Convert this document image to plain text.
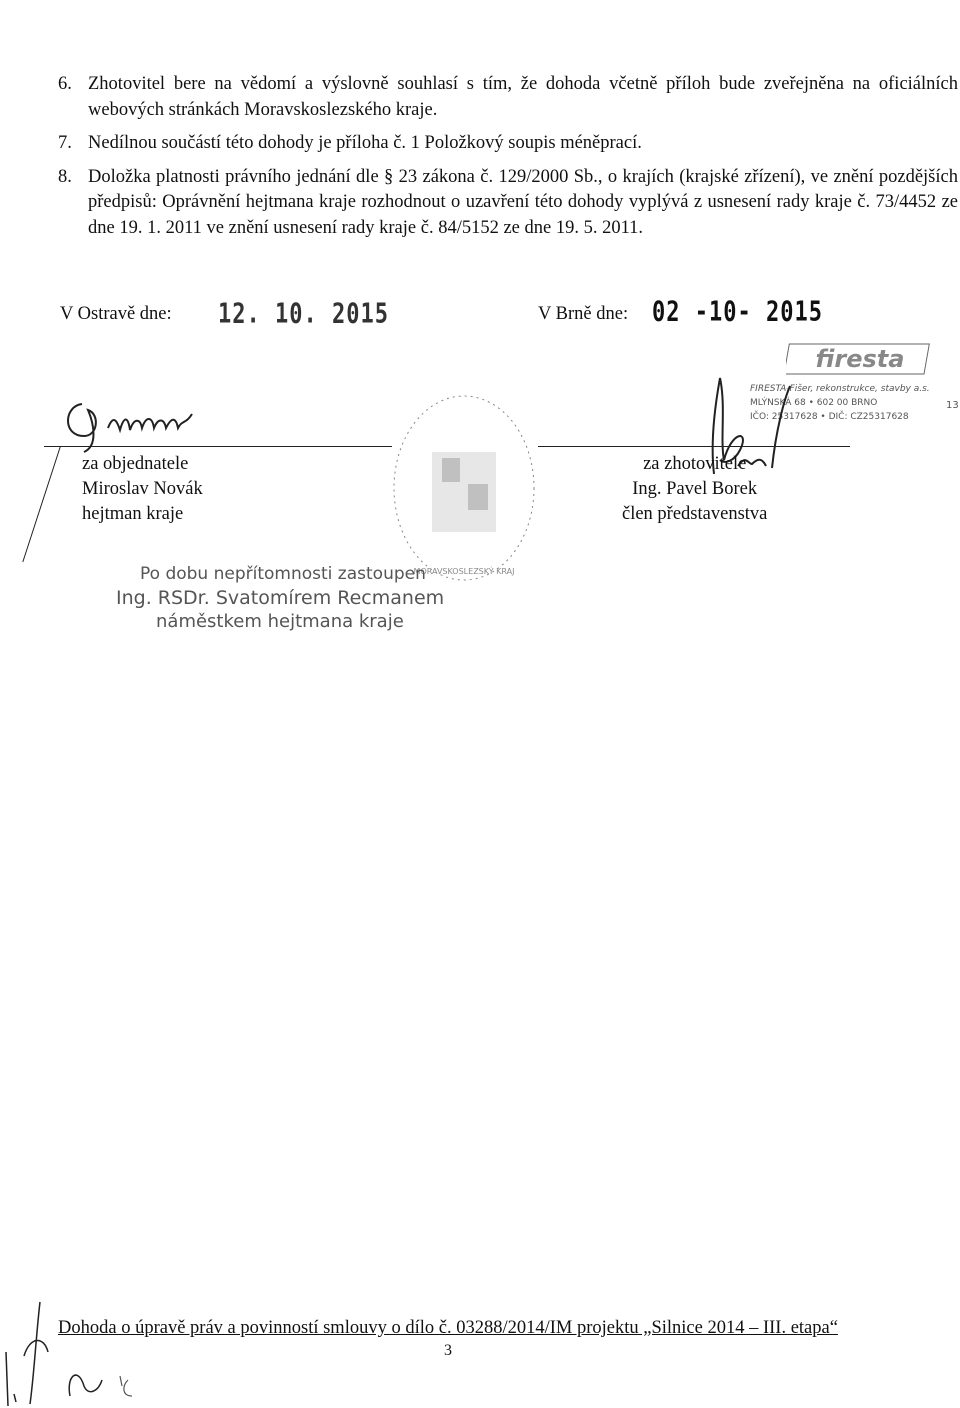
6. Zhotovitel bere na vědomí a výslovně souhlasí s tím, že dohoda včetně příloh bude zveřejněna na oficiálních webových stránkách Moravskoslezského kraje.
7. Nedílnou součástí této dohody je příloha č. 1 Položkový soupis méněprací.
8. Doložka platnosti právního jednání dle § 23 zákona č. 129/2000 Sb., o krajích (krajské zřízení), ve znění pozdějších předpisů: Oprávnění hejtmana kraje rozhodnout o uzavření této dohody vyplývá z usnesení rady kraje č. 73/4452 ze dne 19. 1. 2011 ve znění usnesení rady kraje č. 84/5152 ze dne 19. 5. 2011.
V Ostravě dne: 12. 10. 2015	V Brně dne: 02 -10- 2015
MORAVSKOSLEZSKÝ KRAJ
za objednatele
Miroslav Novák
hejtman kraje
firesta
FIRESTA-Fišer, rekonstrukce, stavby a.s.
MLÝNSKÁ 68 • 602 00 BRNO
IČO: 25317628 • DIČ: CZ25317628
13
za zhotovitele
Ing. Pavel Borek
člen představenstva
Po dobu nepřítomnosti zastoupen
Ing. RSDr. Svatomírem Recmanem
náměstkem hejtmana kraje
Dohoda o úpravě práv a povinností smlouvy o dílo č. 03288/2014/IM projektu „Silnice 2014 – III. etapa“
3
